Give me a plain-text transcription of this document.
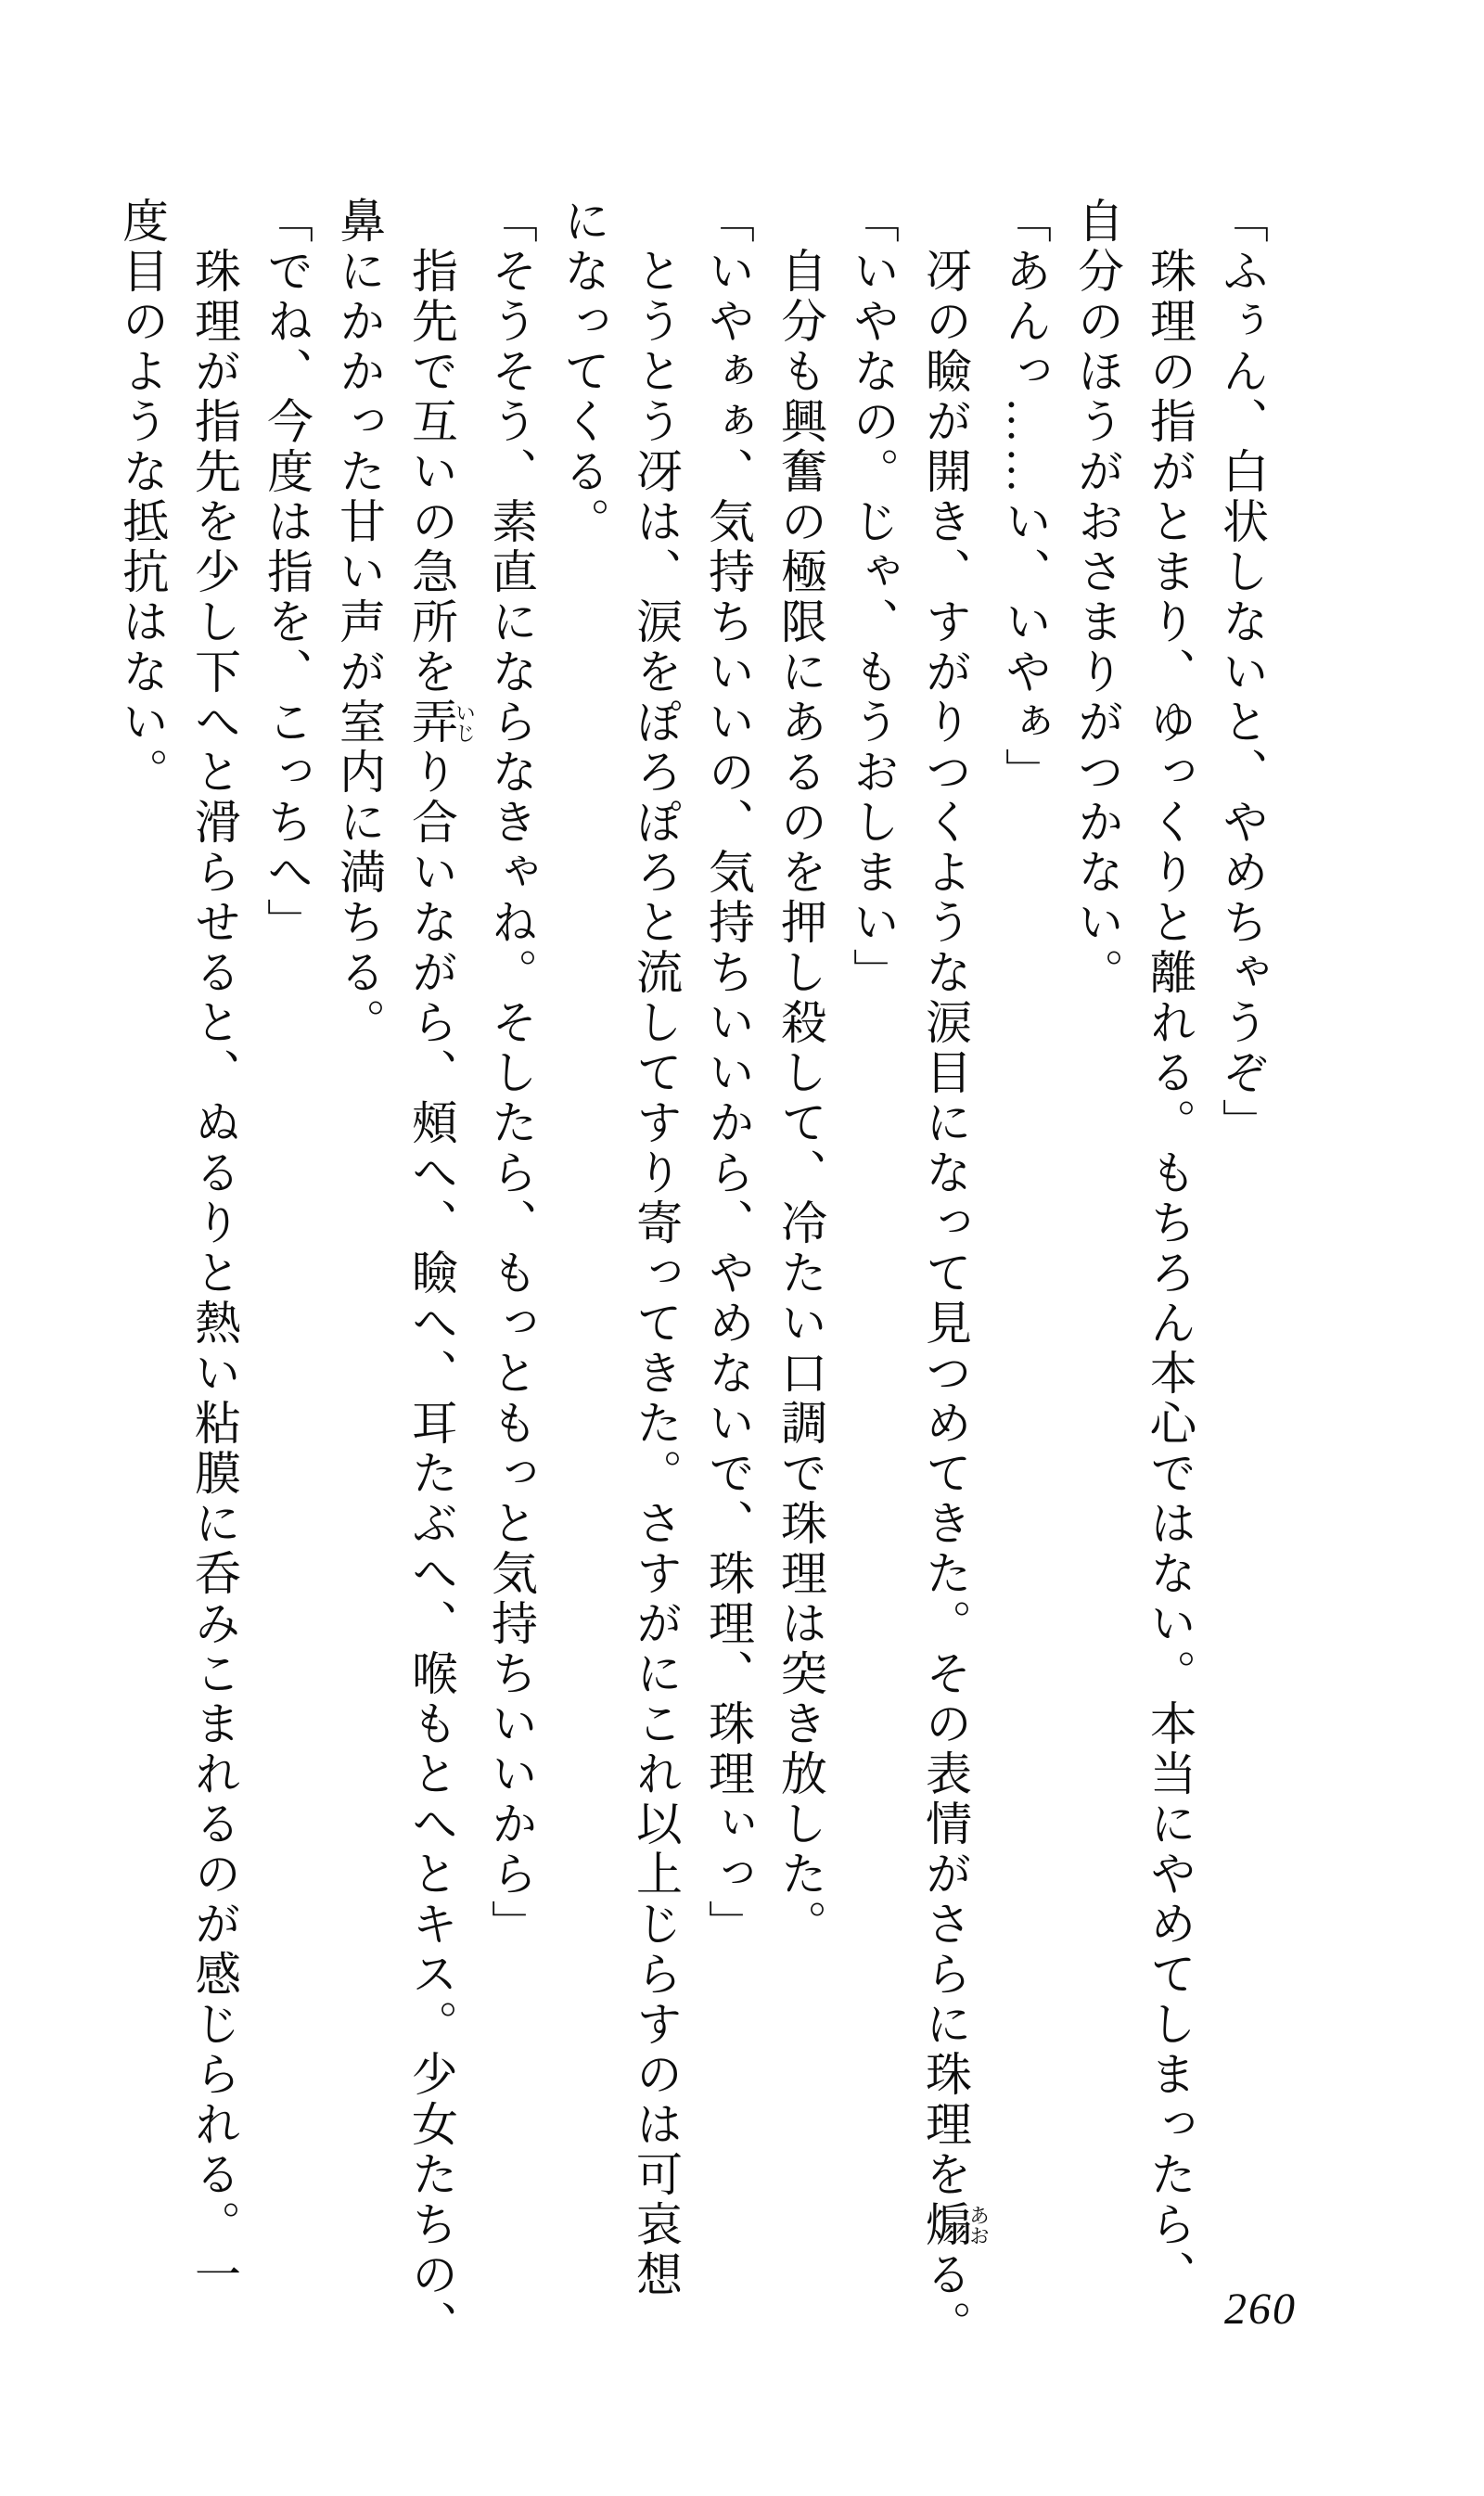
「ふぅん、白状しないと、やめちゃうぞ」
珠理の指がとまり、ゆっくりと離れる。もちろん本心ではない。本当にやめてしまったら、
自分のほうがおさまりがつかない。
「あんっ……い、いやぁ」
冴の瞼が開き、すがりつくような涙目になって見つめてきた。その表情がさらに珠理を煽あおる。
「いやなの。じゃ、もうおしまい」
自分も興奮の極限にあるのを押し殺して、冷たい口調で珠理は突き放した。
「いやぁぁ、気持ちいいの、気持ちいいから、やめないで、珠理、珠理ぃっ」
とうとう冴は、涙をぽろぽろと流してすり寄ってきた。さすがにこれ以上じらすのは可哀想
になってくる。
「そうそう、素直にならなきゃね。そしたら、もっともっと気持ちいいから」
指先で互いの急所を弄いじり合いながら、頰へ、瞼へ、耳たぶへ、喉もとへとキス。少女たちの、
鼻にかかった甘い声が室内に満ちる。
「でね、今度は指を、こっちへ」
珠理が指先を少し下へと滑らせると、ぬるりと熱い粘膜に呑みこまれるのが感じられる。一
度目のような抵抗はない。
260
